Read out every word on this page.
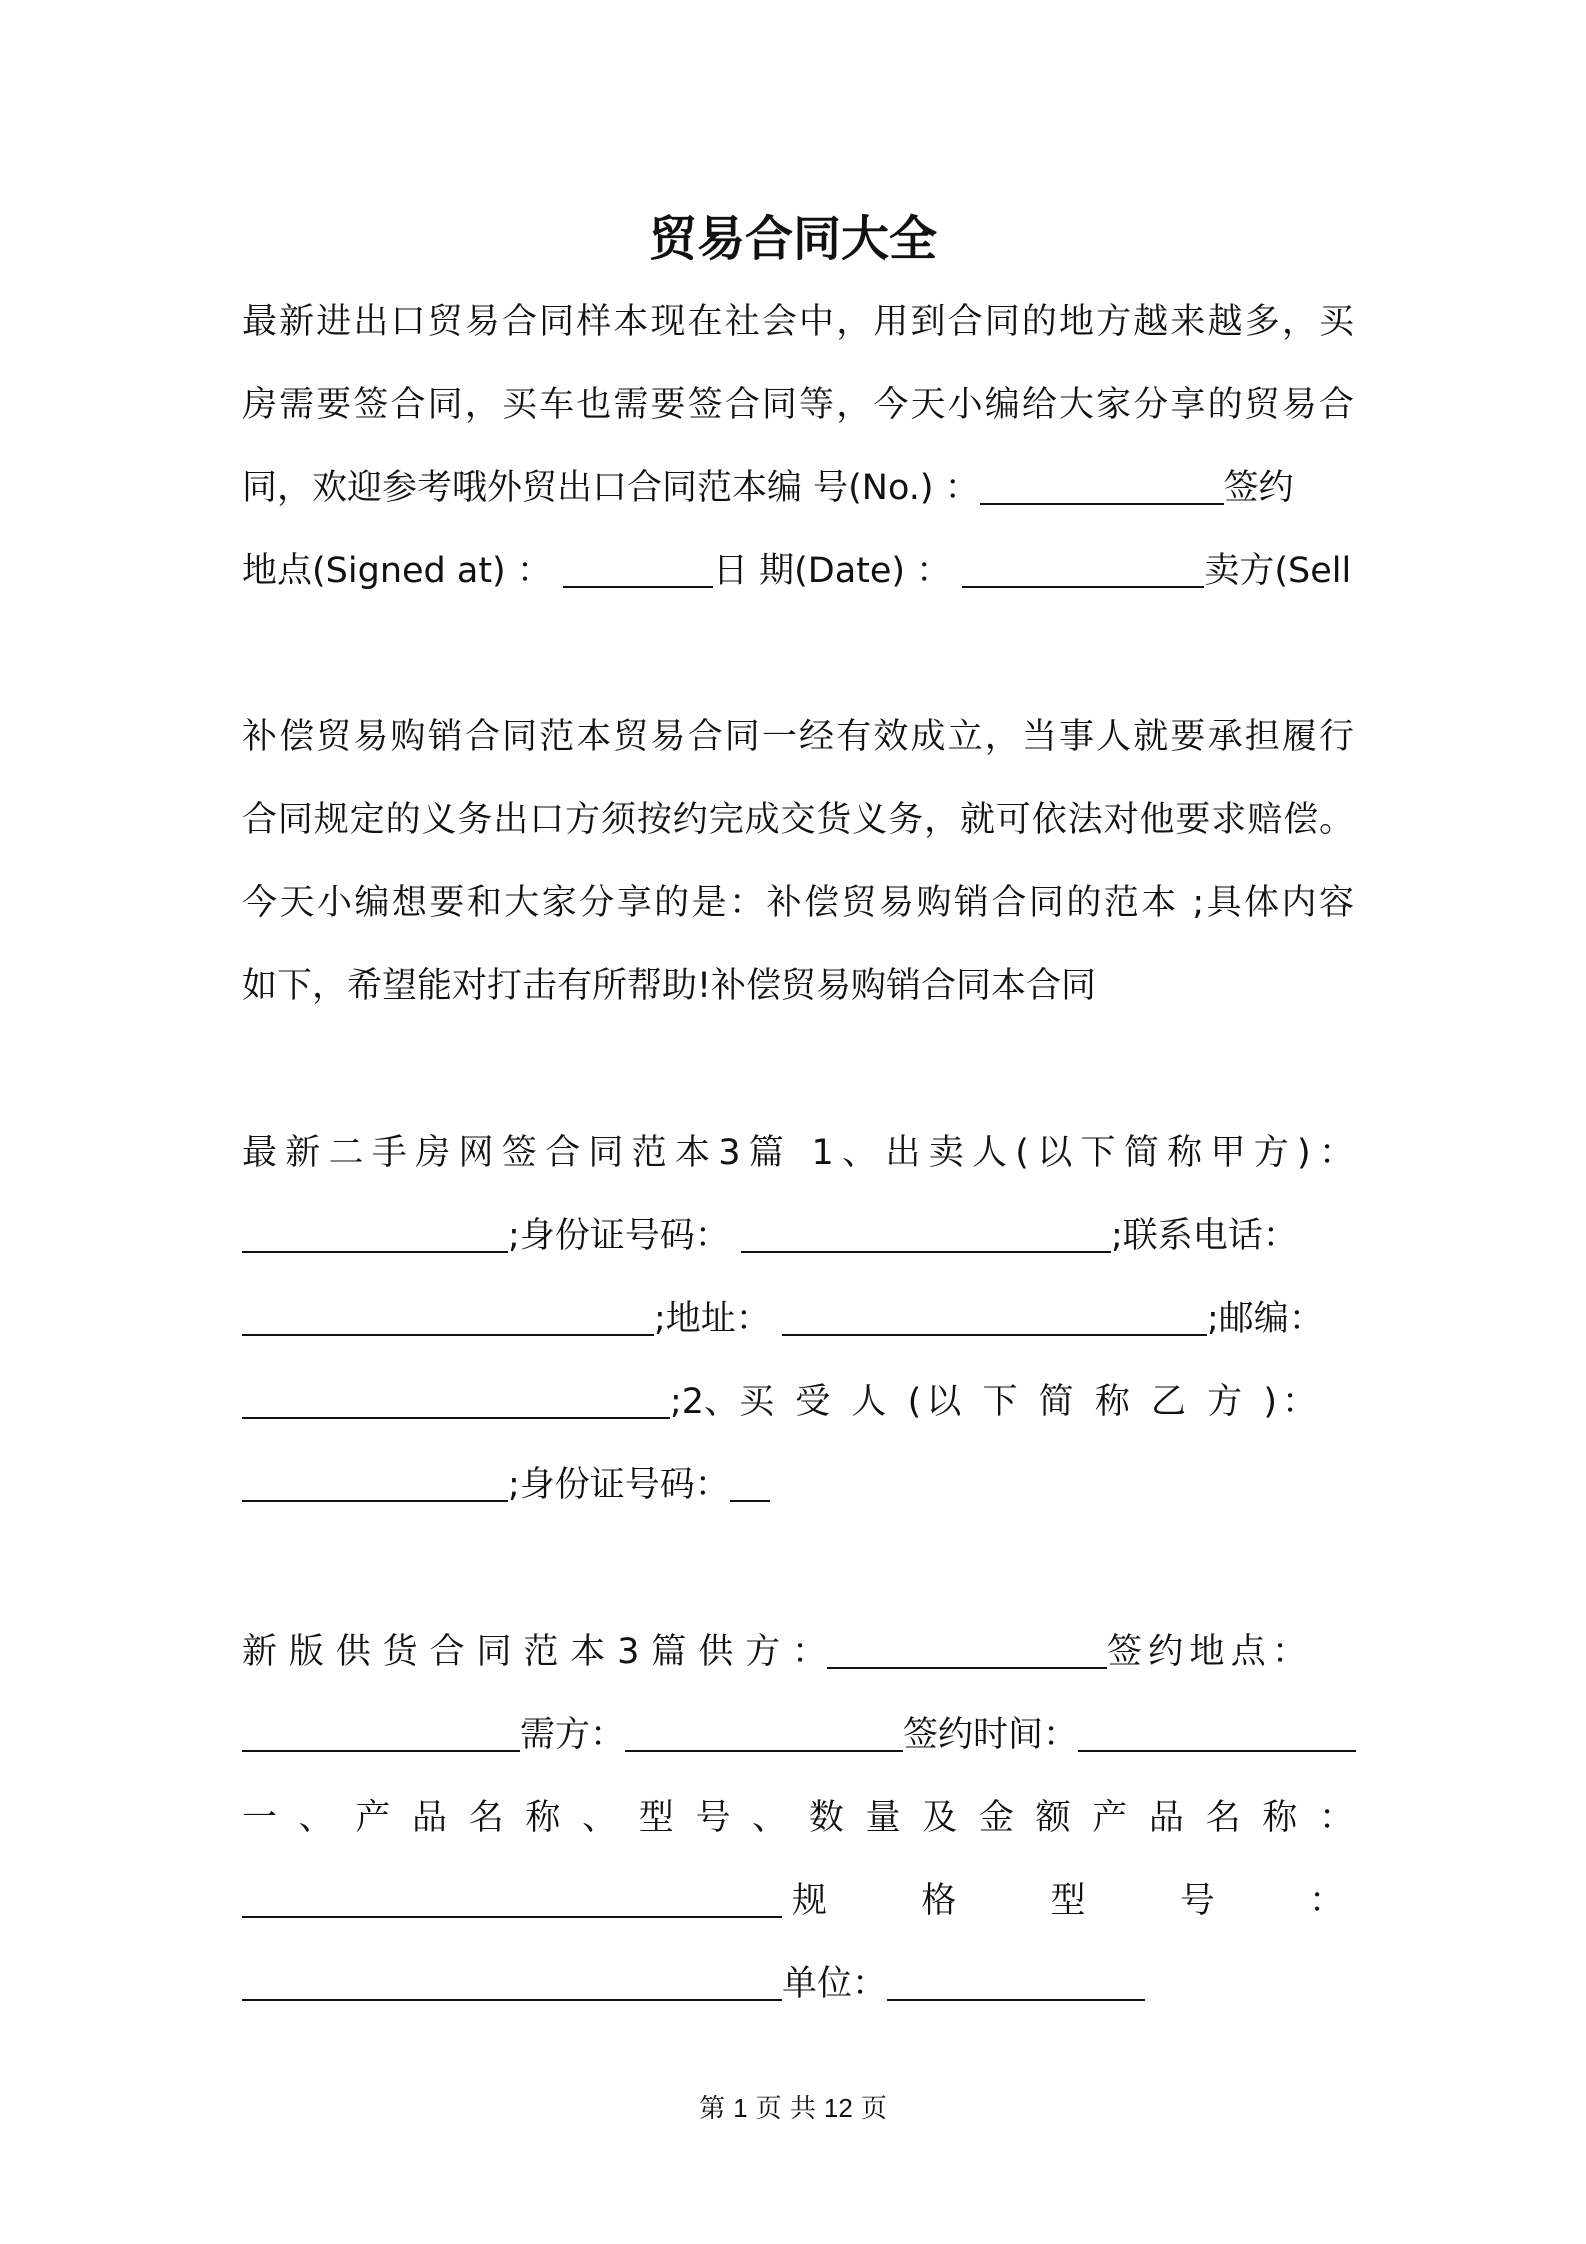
贸易合同大全
最新进出口贸易合同样本现在社会中，用到合同的地方越来越多，买
房需要签合同，买车也需要签合同等，今天小编给大家分享的贸易合
同，欢迎参考哦外贸出口合同范本编 号(No.) ：	签约
地点(Signed at) ：	日 期(Date) ：	卖方(Sell
补偿贸易购销合同范本贸易合同一经有效成立，当事人就要承担履行
合同规定的义务出口方须按约完成交货义务，就可依法对他要求赔偿。
今天小编想要和大家分享的是：补偿贸易购销合同的范本 ;具体内容
如下，希望能对打击有所帮助!补偿贸易购销合同本合同
最新二手房网签合同范本3篇 1、出卖人(以下简称甲方)：
;身份证号码：	;联系电话：
;地址：	;邮编：
;2、买 受 人 (以 下 简 称 乙 方 )：
;身份证号码：
新版供货合同范本3篇供方：	签约地点：
需方：	签约时间：
一、产品名称、型号、数量及金额产品名称：
规格型号：
单位：
第 1 页 共 12 页
